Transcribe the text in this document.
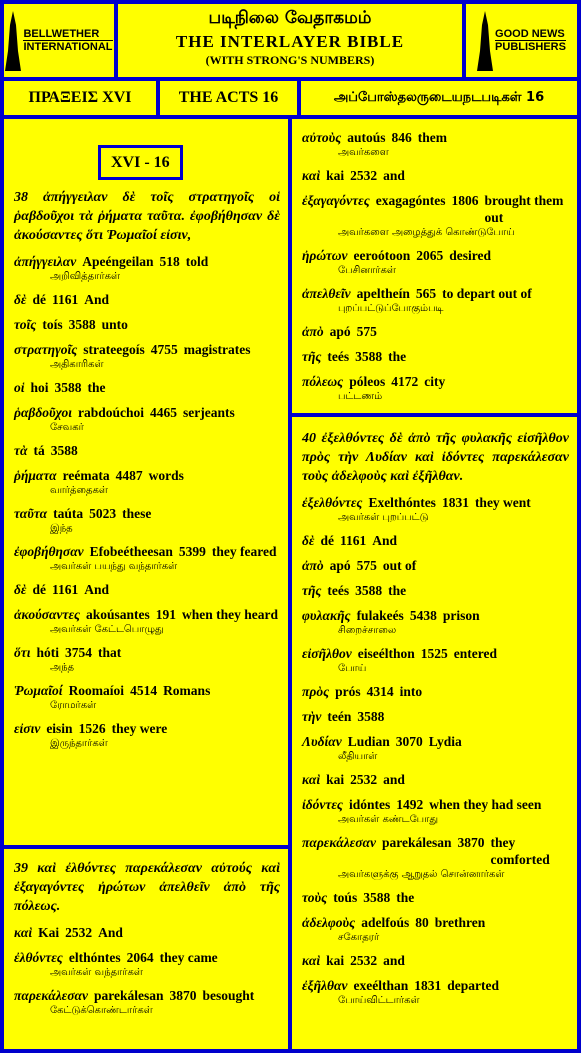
BELLWETHER
INTERNATIONAL
படிநிலை வேதாகமம்
THE INTERLAYER BIBLE
(WITH STRONG'S NUMBERS)
GOOD NEWS
PUBLISHERS
ΠΡΑΞΕΙΣ XVI	THE ACTS 16	அப்போஸ்தலருடையநடபடிகள் 16
XVI - 16
38 ἀπήγγειλαν δὲ τοῖς στρατηγοῖς οἱ ῥαβδοῦχοι τὰ ῥήματα ταῦτα. ἐφοβήθησαν δὲ ἀκούσαντες ὅτι Ῥωμαῖοί εἰσιν,
ἀπήγγειλαν Apeéngeilan 518 told
அறிவித்தார்கள்
δὲ dé 1161 And
τοῖς toís 3588 unto
στρατηγοῖς strateegoís 4755 magistrates
அதிகாரிகள்
οἱ hoi 3588 the
ῥαβδοῦχοι rabdoúchoi 4465 serjeants
சேவகர்
τὰ tá 3588
ῥήματα reémata 4487 words
வார்த்தைகள்
ταῦτα taúta 5023 these
இந்த
ἐφοβήθησαν Efobeétheesan 5399 they feared
அவர்கள் பயந்து வந்தார்கள்
δὲ dé 1161 And
ἀκούσαντες akoúsantes 191 when they heard
அவர்கள் கேட்டபொழுது
ὅτι hóti 3754 that
அந்த
Ῥωμαῖοί Roomaíoi 4514 Romans
ரோமர்கள்
εἰσιν eisin 1526 they were
இருந்தார்கள்
39 καὶ ἐλθόντες παρεκάλεσαν αὐτούς καὶ ἐξαγαγόντες ἠρώτων ἀπελθεῖν ἀπὸ τῆς πόλεως.
καὶ Kai 2532 And
ἐλθόντες elthóntes 2064 they came
அவர்கள் வந்தார்கள்
παρεκάλεσαν parekálesan 3870 besought
கேட்டுக்கொண்டார்கள்
αὐτοὺς autoús 846 them
அவர்களை
καὶ kai 2532 and
ἐξαγαγόντες exagagóntes 1806 brought them out
அவர்களை அழைத்துக் கொண்டுபோய்
ἠρώτων eeroótoon 2065 desired
பேசினார்கள்
ἀπελθεῖν apeltheín 565 to depart out of
புறப்பட்டுப்போகும்படி
ἀπὸ apó 575
τῆς teés 3588 the
πόλεως póleos 4172 city
பட்டணம்
40 ἐξελθόντες δὲ ἀπὸ τῆς φυλακῆς εἰσῆλθον πρὸς τὴν Λυδίαν καὶ ἰδόντες παρεκάλεσαν τοὺς ἀδελφοὺς καὶ ἐξῆλθαν.
ἐξελθόντες Exelthóntes 1831 they went
அவர்கள் புறப்பட்டு
δὲ dé 1161 And
ἀπὸ apó 575 out of
τῆς teés 3588 the
φυλακῆς fulakeés 5438 prison
சிறைச்சாலை
εἰσῆλθον eiseélthon 1525 entered
போய்
πρὸς prós 4314 into
τὴν teén 3588
Λυδίαν Ludian 3070 Lydia
லீதியாள்
καὶ kai 2532 and
ἰδόντες idóntes 1492 when they had seen
அவர்கள் கண்டபோது
παρεκάλεσαν parekálesan 3870 they comforted
அவர்களுக்கு ஆறுதல் சொன்னார்கள்
τοὺς toús 3588 the
ἀδελφοὺς adelfoús 80 brethren
சகோதரர்
καὶ kai 2532 and
ἐξῆλθαν exeélthan 1831 departed
போய்விட்டார்கள்
